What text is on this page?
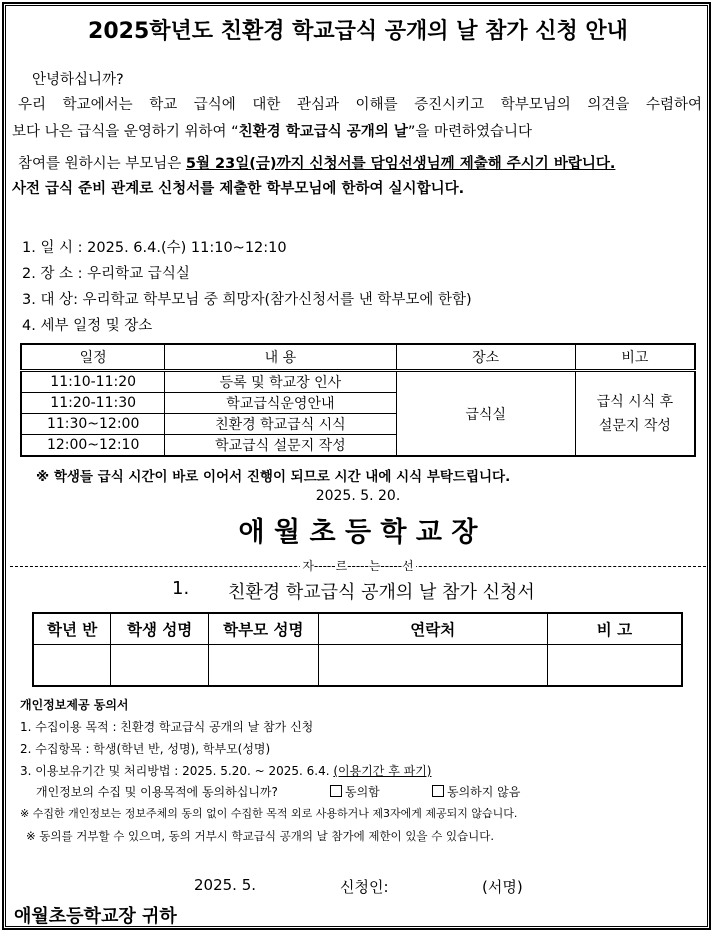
2025학년도 친환경 학교급식 공개의 날 참가 신청 안내
안녕하십니까?
우리 학교에서는 학교 급식에 대한 관심과 이해를 증진시키고 학부모님의 의견을 수렴하여
보다 나은 급식을 운영하기 위하여 “친환경 학교급식 공개의 날”을 마련하였습니다
참여를 원하시는 부모님은 5월 23일(금)까지 신청서를 담임선생님께 제출해 주시기 바랍니다.
사전 급식 준비 관계로 신청서를 제출한 학부모님에 한하여 실시합니다.
1. 일 시 : 2025. 6.4.(수) 11:10~12:10
2. 장 소 : 우리학교 급식실
3. 대 상: 우리학교 학부모님 중 희망자(참가신청서를 낸 학부모에 한함)
4. 세부 일정 및 장소
일정	내 용	장소	비고
11:10-11:20	등록 및 학교장 인사	급식실	급식 시식 후
설문지 작성
11:20-11:30	학교급식운영안내		
11:30~12:00	친환경 학교급식 시식		
12:00~12:10	학교급식 설문지 작성		
※ 학생들 급식 시간이 바로 이어서 진행이 되므로 시간 내에 시식 부탁드립니다.
2025. 5. 20.
애 월 초 등 학 교 장
자-----르-----는-----선
1. 친환경 학교급식 공개의 날 참가 신청서
학년 반	학생 성명	학부모 성명	연락처	비 고

개인정보제공 동의서
1. 수집이용 목적 : 친환경 학교급식 공개의 날 참가 신청
2. 수집항목 : 학생(학년 반, 성명), 학부모(성명)
3. 이용보유기간 및 처리방법 : 2025. 5.20. ~ 2025. 6.4. (이용기간 후 파기)
개인정보의 수집 및 이용목적에 동의하십니까?	동의함	동의하지 않음
※ 수집한 개인정보는 정보주체의 동의 없이 수집한 목적 외로 사용하거나 제3자에게 제공되지 않습니다.
※ 동의를 거부할 수 있으며, 동의 거부시 학교급식 공개의 날 참가에 제한이 있을 수 있습니다.
2025. 5.	신청인:	(서명)
애월초등학교장 귀하
